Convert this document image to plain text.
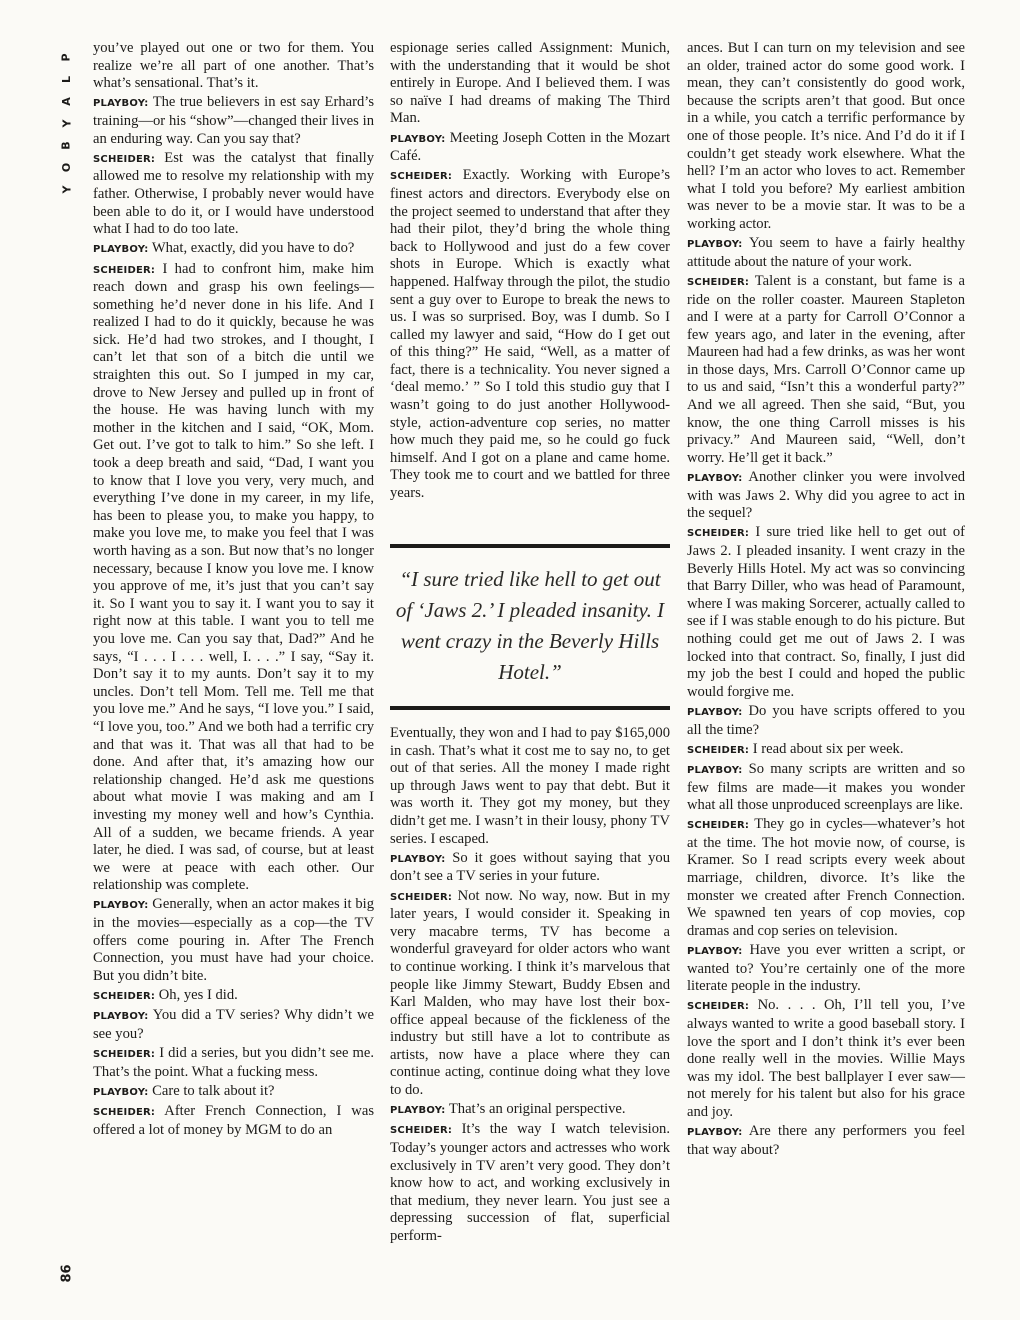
P
L
A
Y
B
O
Y
86

you’ve played out one or two for them. You realize we’re all part of one another. That’s what’s sensational. That’s it.

PLAYBOY: The true believers in est say Erhard’s training—or his “show”—changed their lives in an enduring way. Can you say that?

SCHEIDER: Est was the catalyst that finally allowed me to resolve my relationship with my father. Otherwise, I probably never would have been able to do it, or I would have understood what I had to do too late.

PLAYBOY: What, exactly, did you have to do?

SCHEIDER: I had to confront him, make him reach down and grasp his own feelings—something he’d never done in his life. And I realized I had to do it quickly, because he was sick. He’d had two strokes, and I thought, I can’t let that son of a bitch die until we straighten this out. So I jumped in my car, drove to New Jersey and pulled up in front of the house. He was having lunch with my mother in the kitchen and I said, “OK, Mom. Get out. I’ve got to talk to him.” So she left. I took a deep breath and said, “Dad, I want you to know that I love you very, very much, and everything I’ve done in my career, in my life, has been to please you, to make you happy, to make you love me, to make you feel that I was worth having as a son. But now that’s no longer necessary, because I know you love me. I know you approve of me, it’s just that you can’t say it. So I want you to say it. I want you to say it right now at this table. I want you to tell me you love me. Can you say that, Dad?” And he says, “I . . . I . . . well, I. . . .” I say, “Say it. Don’t say it to my aunts. Don’t say it to my uncles. Don’t tell Mom. Tell me. Tell me that you love me.” And he says, “I love you.” I said, “I love you, too.” And we both had a terrific cry and that was it. That was all that had to be done. And after that, it’s amazing how our relationship changed. He’d ask me questions about what movie I was making and am I investing my money well and how’s Cynthia. All of a sudden, we became friends. A year later, he died. I was sad, of course, but at least we were at peace with each other. Our relationship was complete.

PLAYBOY: Generally, when an actor makes it big in the movies—especially as a cop—the TV offers come pouring in. After The French Connection, you must have had your choice. But you didn’t bite.

SCHEIDER: Oh, yes I did.

PLAYBOY: You did a TV series? Why didn’t we see you?

SCHEIDER: I did a series, but you didn’t see me. That’s the point. What a fucking mess.

PLAYBOY: Care to talk about it?

SCHEIDER: After French Connection, I was offered a lot of money by MGM to do an

espionage series called Assignment: Munich, with the understanding that it would be shot entirely in Europe. And I believed them. I was so naïve I had dreams of making The Third Man.

PLAYBOY: Meeting Joseph Cotten in the Mozart Café.

SCHEIDER: Exactly. Working with Europe’s finest actors and directors. Everybody else on the project seemed to understand that after they had their pilot, they’d bring the whole thing back to Hollywood and just do a few cover shots in Europe. Which is exactly what happened. Halfway through the pilot, the studio sent a guy over to Europe to break the news to us. I was so surprised. Boy, was I dumb. So I called my lawyer and said, “How do I get out of this thing?” He said, “Well, as a matter of fact, there is a technicality. You never signed a ‘deal memo.’ ” So I told this studio guy that I wasn’t going to do just another Hollywood-style, action-adventure cop series, no matter how much they paid me, so he could go fuck himself. And I got on a plane and came home. They took me to court and we battled for three years.

“I sure tried like hell to get out of ‘Jaws 2.’ I pleaded insanity. I went crazy in the Beverly Hills Hotel.”

Eventually, they won and I had to pay $165,000 in cash. That’s what it cost me to say no, to get out of that series. All the money I made right up through Jaws went to pay that debt. But it was worth it. They got my money, but they didn’t get me. I wasn’t in their lousy, phony TV series. I escaped.

PLAYBOY: So it goes without saying that you don’t see a TV series in your future.

SCHEIDER: Not now. No way, now. But in my later years, I would consider it. Speaking in very macabre terms, TV has become a wonderful graveyard for older actors who want to continue working. I think it’s marvelous that people like Jimmy Stewart, Buddy Ebsen and Karl Malden, who may have lost their box-office appeal because of the fickleness of the industry but still have a lot to contribute as artists, now have a place where they can continue acting, continue doing what they love to do.

PLAYBOY: That’s an original perspective.

SCHEIDER: It’s the way I watch television. Today’s younger actors and actresses who work exclusively in TV aren’t very good. They don’t know how to act, and working exclusively in that medium, they never learn. You just see a depressing succession of flat, superficial perform-

ances. But I can turn on my television and see an older, trained actor do some good work. I mean, they can’t consistently do good work, because the scripts aren’t that good. But once in a while, you catch a terrific performance by one of those people. It’s nice. And I’d do it if I couldn’t get steady work elsewhere. What the hell? I’m an actor who loves to act. Remember what I told you before? My earliest ambition was never to be a movie star. It was to be a working actor.

PLAYBOY: You seem to have a fairly healthy attitude about the nature of your work.

SCHEIDER: Talent is a constant, but fame is a ride on the roller coaster. Maureen Stapleton and I were at a party for Carroll O’Connor a few years ago, and later in the evening, after Maureen had had a few drinks, as was her wont in those days, Mrs. Carroll O’Connor came up to us and said, “Isn’t this a wonderful party?” And we all agreed. Then she said, “But, you know, the one thing Carroll misses is his privacy.” And Maureen said, “Well, don’t worry. He’ll get it back.”

PLAYBOY: Another clinker you were involved with was Jaws 2. Why did you agree to act in the sequel?

SCHEIDER: I sure tried like hell to get out of Jaws 2. I pleaded insanity. I went crazy in the Beverly Hills Hotel. My act was so convincing that Barry Diller, who was head of Paramount, where I was making Sorcerer, actually called to see if I was stable enough to do his picture. But nothing could get me out of Jaws 2. I was locked into that contract. So, finally, I just did my job the best I could and hoped the public would forgive me.

PLAYBOY: Do you have scripts offered to you all the time?

SCHEIDER: I read about six per week.

PLAYBOY: So many scripts are written and so few films are made—it makes you wonder what all those unproduced screenplays are like.

SCHEIDER: They go in cycles—whatever’s hot at the time. The hot movie now, of course, is Kramer. So I read scripts every week about marriage, children, divorce. It’s like the monster we created after French Connection. We spawned ten years of cop movies, cop dramas and cop series on television.

PLAYBOY: Have you ever written a script, or wanted to? You’re certainly one of the more literate people in the industry.

SCHEIDER: No. . . . Oh, I’ll tell you, I’ve always wanted to write a good baseball story. I love the sport and I don’t think it’s ever been done really well in the movies. Willie Mays was my idol. The best ballplayer I ever saw—not merely for his talent but also for his grace and joy.

PLAYBOY: Are there any performers you feel that way about?
